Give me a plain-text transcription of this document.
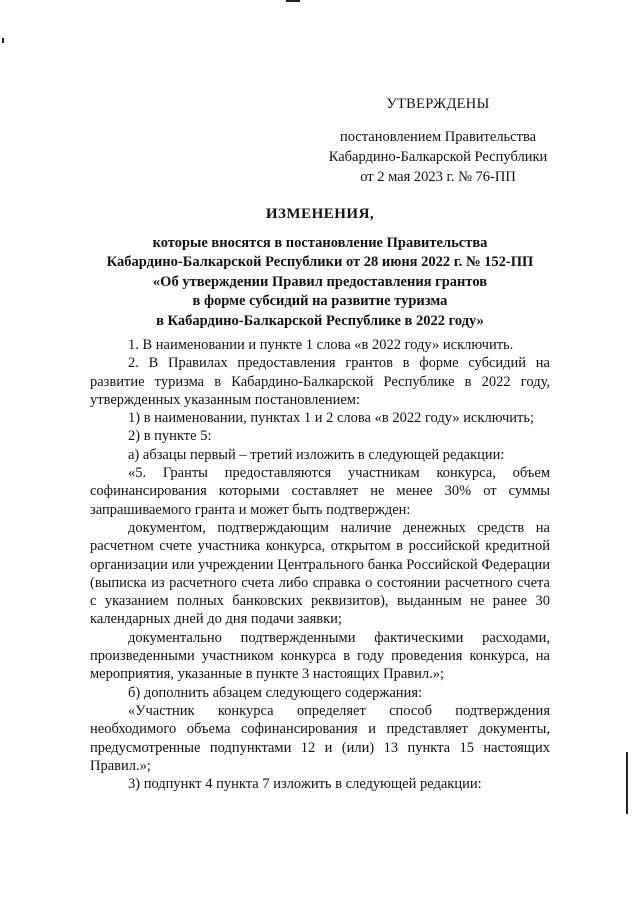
УТВЕРЖДЕНЫ
постановлением Правительства
Кабардино-Балкарской Республики
от 2 мая 2023 г. № 76-ПП
ИЗМЕНЕНИЯ,
которые вносятся в постановление Правительства
Кабардино-Балкарской Республики от 28 июня 2022 г. № 152-ПП
«Об утверждении Правил предоставления грантов
в форме субсидий на развитие туризма
в Кабардино-Балкарской Республике в 2022 году»

1. В наименовании и пункте 1 слова «в 2022 году» исключить.

2. В Правилах предоставления грантов в форме субсидий на развитие туризма в Кабардино-Балкарской Республике в 2022 году, утвержденных указанным постановлением:

1) в наименовании, пунктах 1 и 2 слова «в 2022 году» исключить;

2) в пункте 5:

а) абзацы первый – третий изложить в следующей редакции:

«5. Гранты предоставляются участникам конкурса, объем софинансирования которыми составляет не менее 30% от суммы запрашиваемого гранта и может быть подтвержден:

документом, подтверждающим наличие денежных средств на расчетном счете участника конкурса, открытом в российской кредитной организации или учреждении Центрального банка Российской Федерации (выписка из расчетного счета либо справка о состоянии расчетного счета с указанием полных банковских реквизитов), выданным не ранее 30 календарных дней до дня подачи заявки;

документально подтвержденными фактическими расходами, произведенными участником конкурса в году проведения конкурса, на мероприятия, указанные в пункте 3 настоящих Правил.»;

б) дополнить абзацем следующего содержания:

«Участник конкурса определяет способ подтверждения необходимого объема софинансирования и представляет документы, предусмотренные подпунктами 12 и (или) 13 пункта 15 настоящих Правил.»;

3) подпункт 4 пункта 7 изложить в следующей редакции:
